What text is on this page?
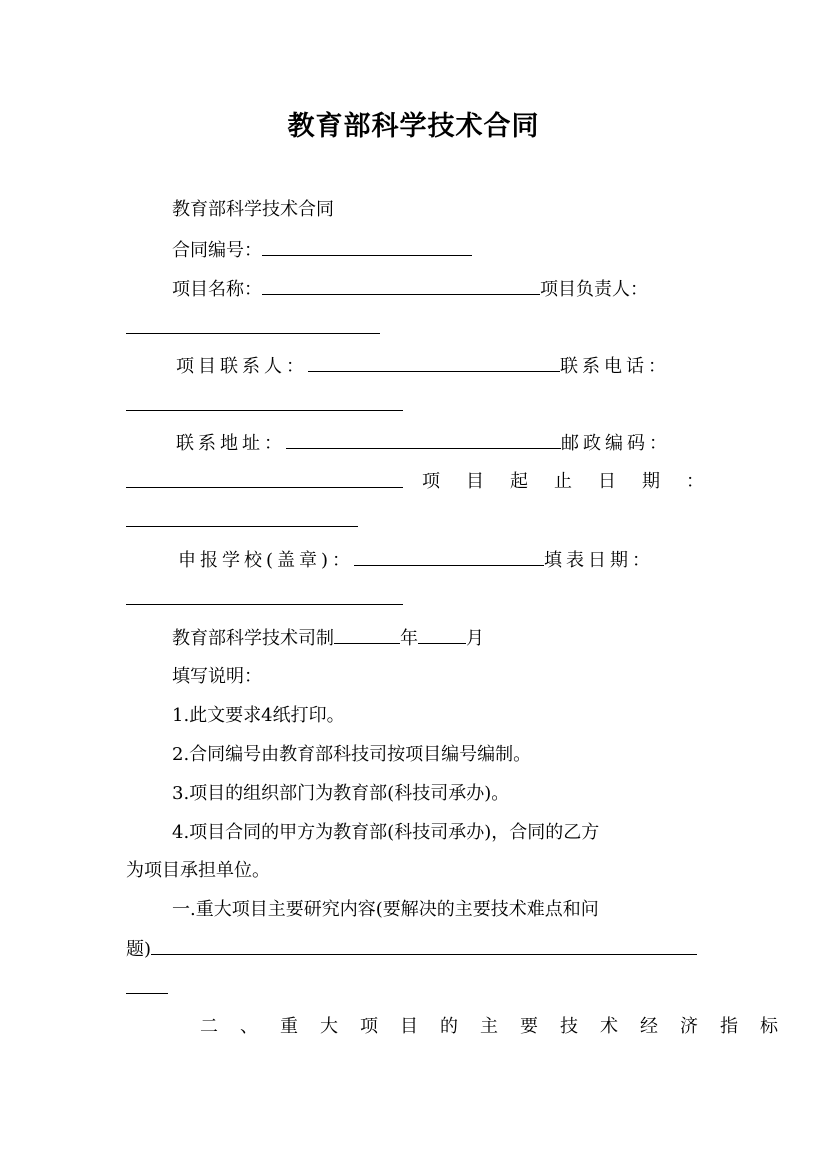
教育部科学技术合同
教育部科学技术合同
合同编号：
项目名称：	项目负责人：
项目联系人：	联系电话：
联系地址：	邮政编码：
项目起止日期：
申报学校(盖章)：	填表日期：
教育部科学技术司制	年	月
填写说明：
1.此文要求4纸打印。
2.合同编号由教育部科技司按项目编号编制。
3.项目的组织部门为教育部(科技司承办)。
4.项目合同的甲方为教育部(科技司承办)，合同的乙方
为项目承担单位。
一.重大项目主要研究内容(要解决的主要技术难点和问
题)
二、重大项目的主要技术经济指标
